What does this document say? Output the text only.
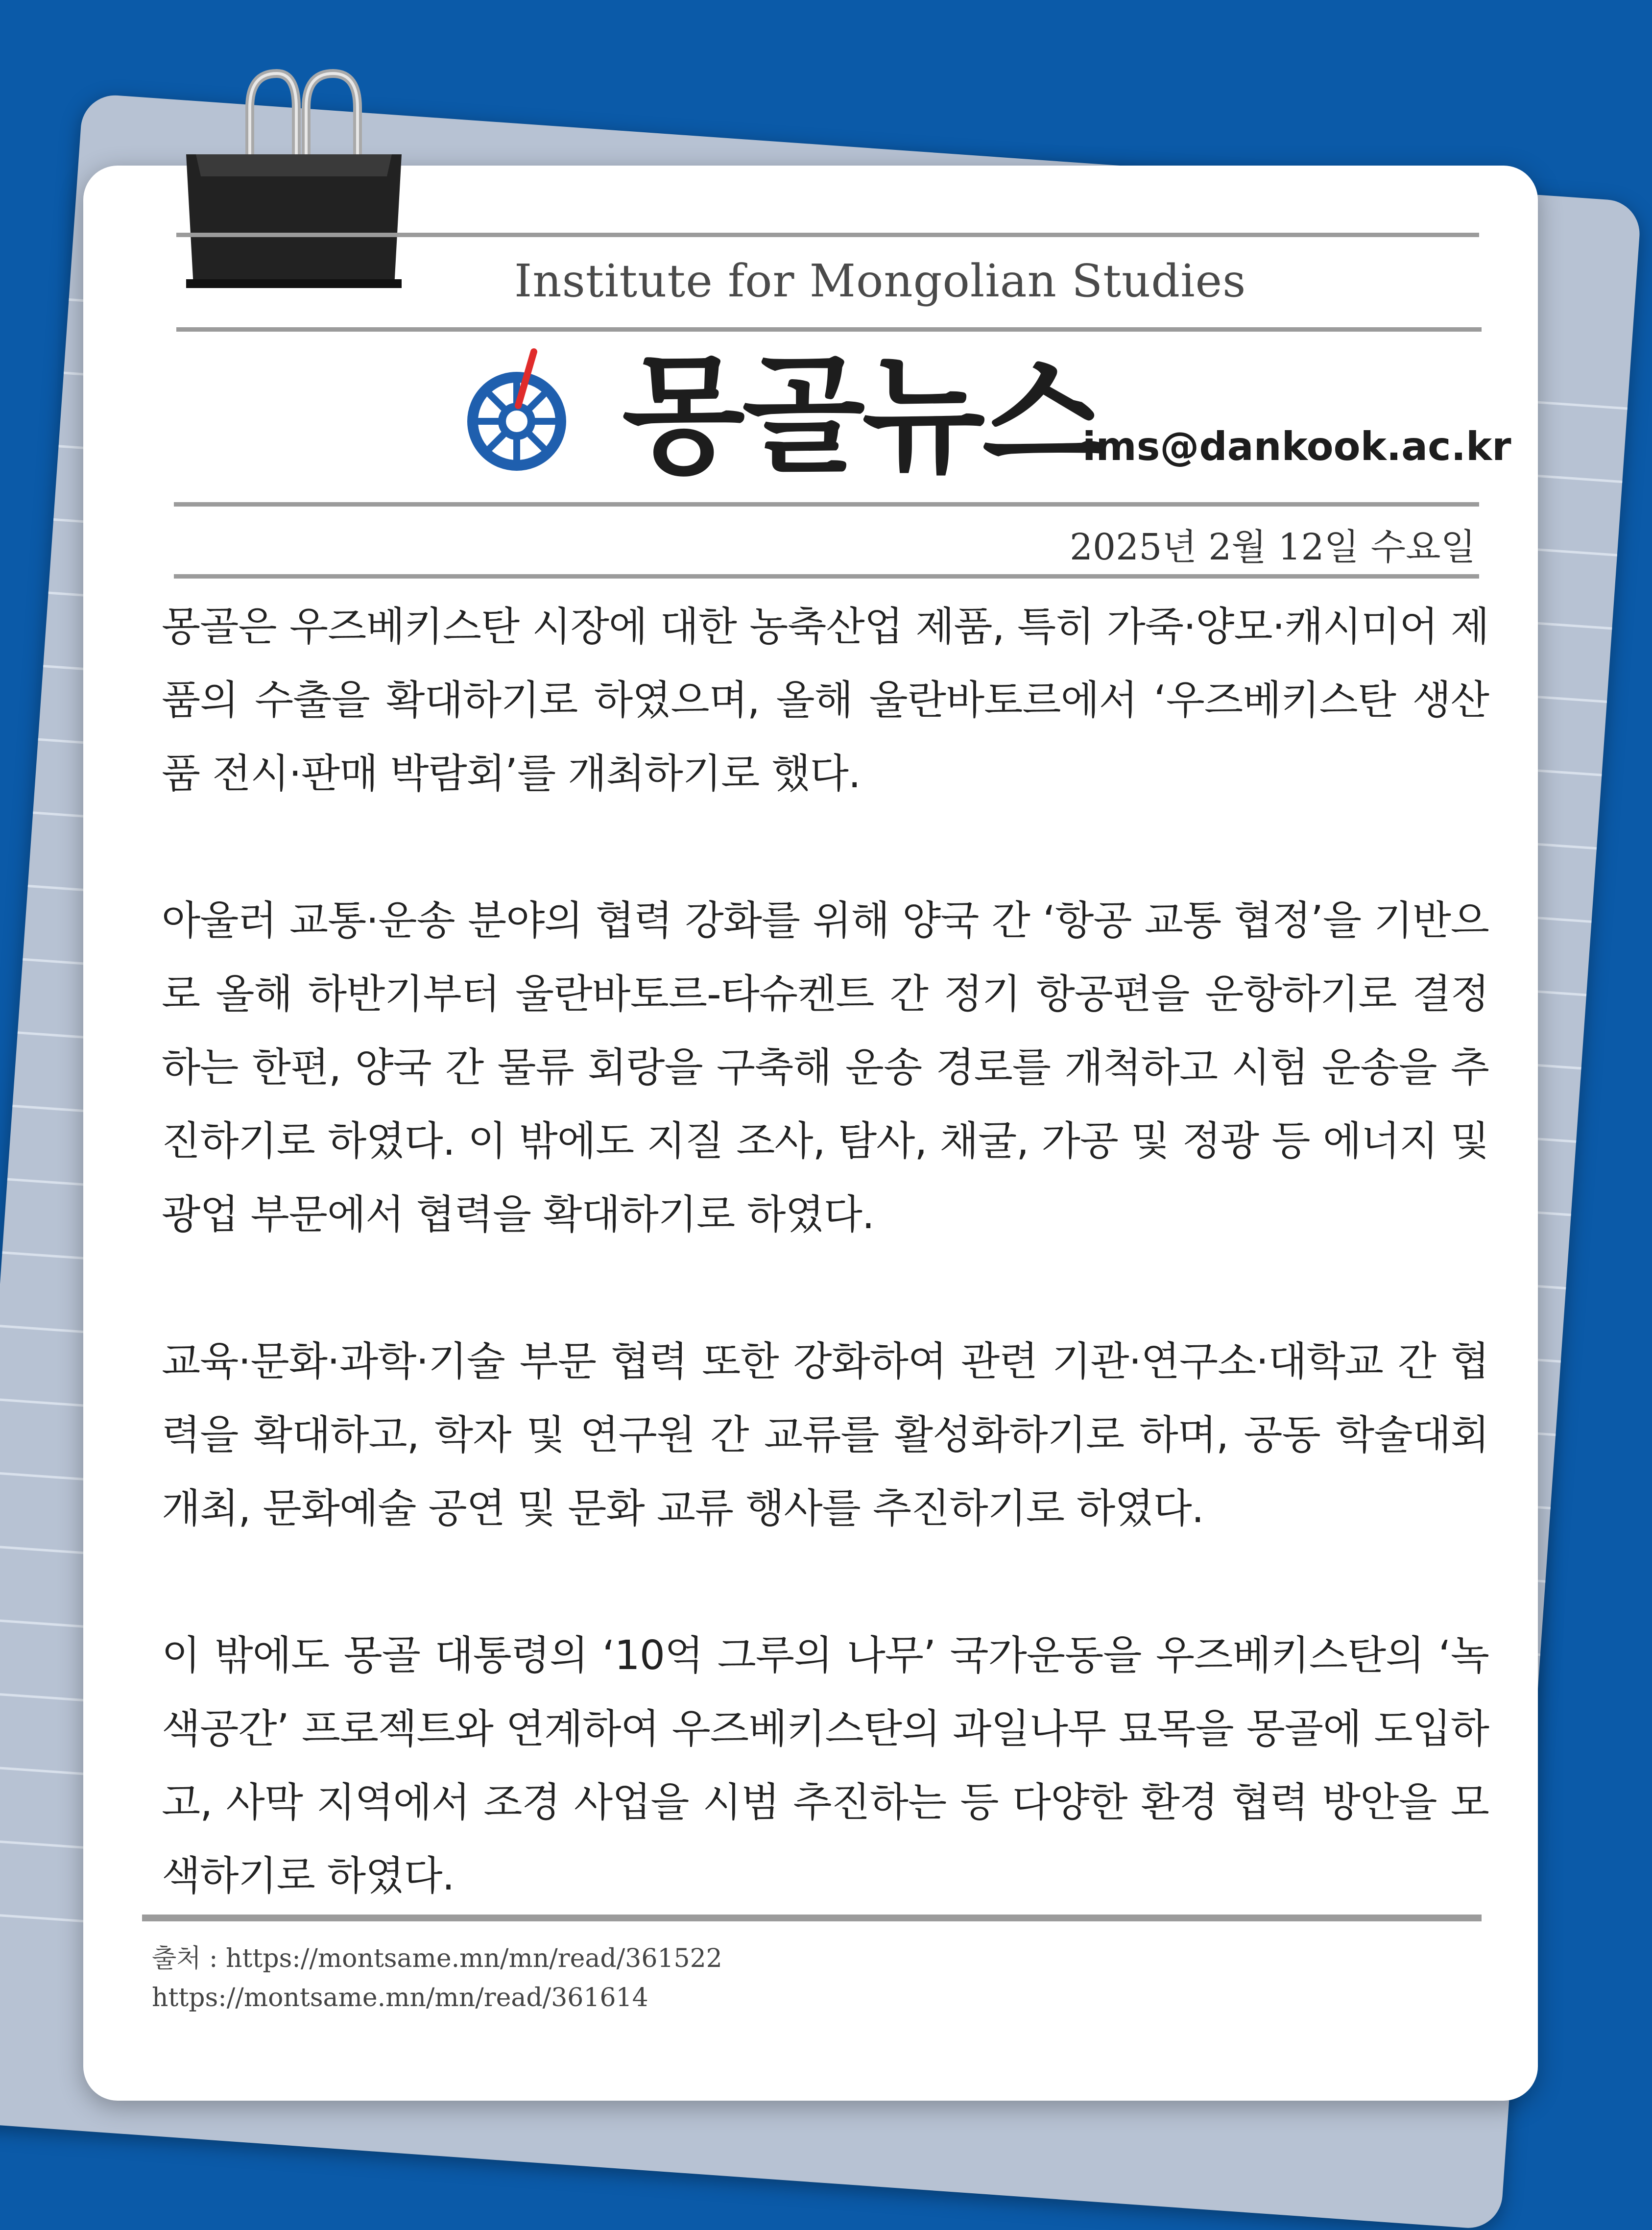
Institute for Mongolian Studies
몽골뉴스
ims@dankook.ac.kr
2025년 2월 12일 수요일

몽골은 우즈베키스탄 시장에 대한 농축산업 제품, 특히 가죽·양모·캐시미어 제품의 수출을 확대하기로 하였으며, 올해 울란바토르에서 ‘우즈베키스탄 생산품 전시·판매 박람회’를 개최하기로 했다.

아울러 교통·운송 분야의 협력 강화를 위해 양국 간 ‘항공 교통 협정’을 기반으로 올해 하반기부터 울란바토르-타슈켄트 간 정기 항공편을 운항하기로 결정하는 한편, 양국 간 물류 회랑을 구축해 운송 경로를 개척하고 시험 운송을 추진하기로 하였다. 이 밖에도 지질 조사, 탐사, 채굴, 가공 및 정광 등 에너지 및 광업 부문에서 협력을 확대하기로 하였다.

교육·문화·과학·기술 부문 협력 또한 강화하여 관련 기관·연구소·대학교 간 협력을 확대하고, 학자 및 연구원 간 교류를 활성화하기로 하며, 공동 학술대회 개최, 문화예술 공연 및 문화 교류 행사를 추진하기로 하였다.

이 밖에도 몽골 대통령의 ‘10억 그루의 나무’ 국가운동을 우즈베키스탄의 ‘녹색공간’ 프로젝트와 연계하여 우즈베키스탄의 과일나무 묘목을 몽골에 도입하고, 사막 지역에서 조경 사업을 시범 추진하는 등 다양한 환경 협력 방안을 모색하기로 하였다.

출처 : https://montsame.mn/mn/read/361522
https://montsame.mn/mn/read/361614
